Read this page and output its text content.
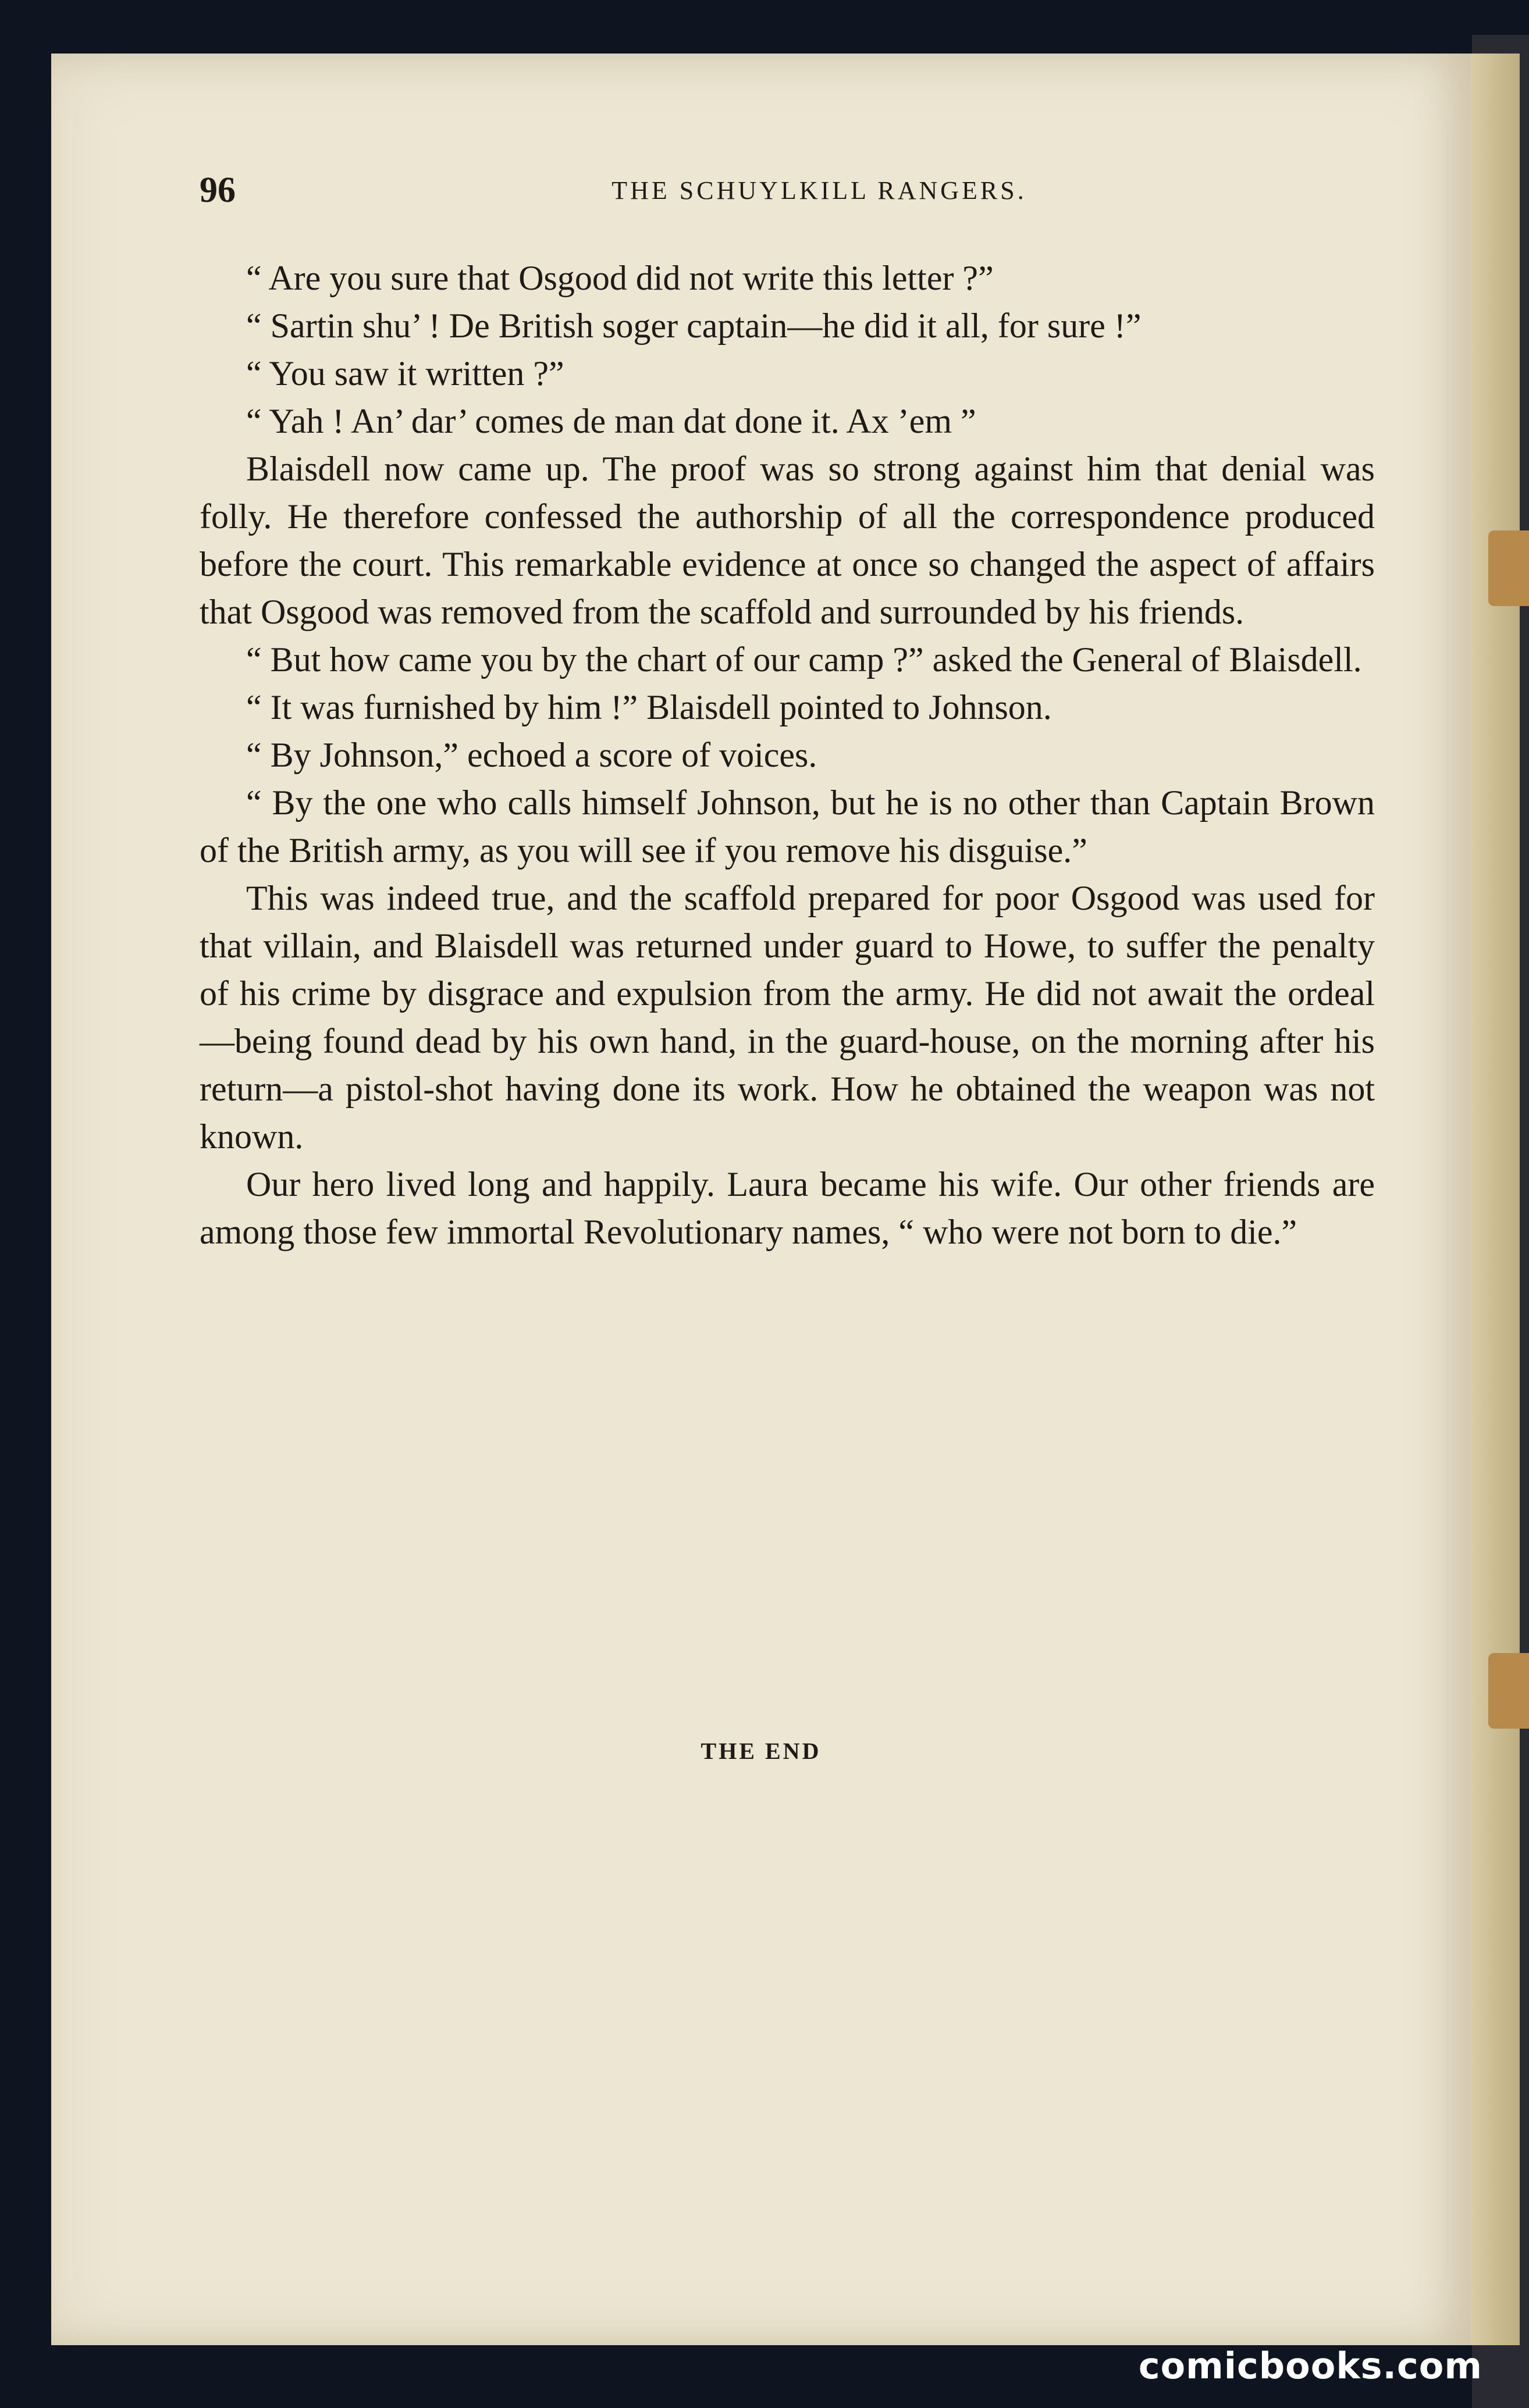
96	THE SCHUYLKILL RANGERS.

“ Are you sure that Osgood did not write this letter ?”

“ Sartin shu’ ! De British soger captain—he did it all, for sure !”

“ You saw it written ?”

“ Yah ! An’ dar’ comes de man dat done it. Ax ’em ”

Blaisdell now came up. The proof was so strong against him that denial was folly. He therefore confessed the authorship of all the correspondence produced before the court. This remarkable evidence at once so changed the aspect of affairs that Osgood was removed from the scaffold and surrounded by his friends.

“ But how came you by the chart of our camp ?” asked the General of Blaisdell.

“ It was furnished by him !” Blaisdell pointed to Johnson.

“ By Johnson,” echoed a score of voices.

“ By the one who calls himself Johnson, but he is no other than Captain Brown of the British army, as you will see if you remove his disguise.”

This was indeed true, and the scaffold prepared for poor Osgood was used for that villain, and Blaisdell was returned under guard to Howe, to suffer the penalty of his crime by disgrace and expulsion from the army. He did not await the ordeal—being found dead by his own hand, in the guard-house, on the morning after his return—a pistol-shot having done its work. How he obtained the weapon was not known.

Our hero lived long and happily. Laura became his wife. Our other friends are among those few immortal Revolutionary names, “ who were not born to die.”

THE END
comicbooks.com
